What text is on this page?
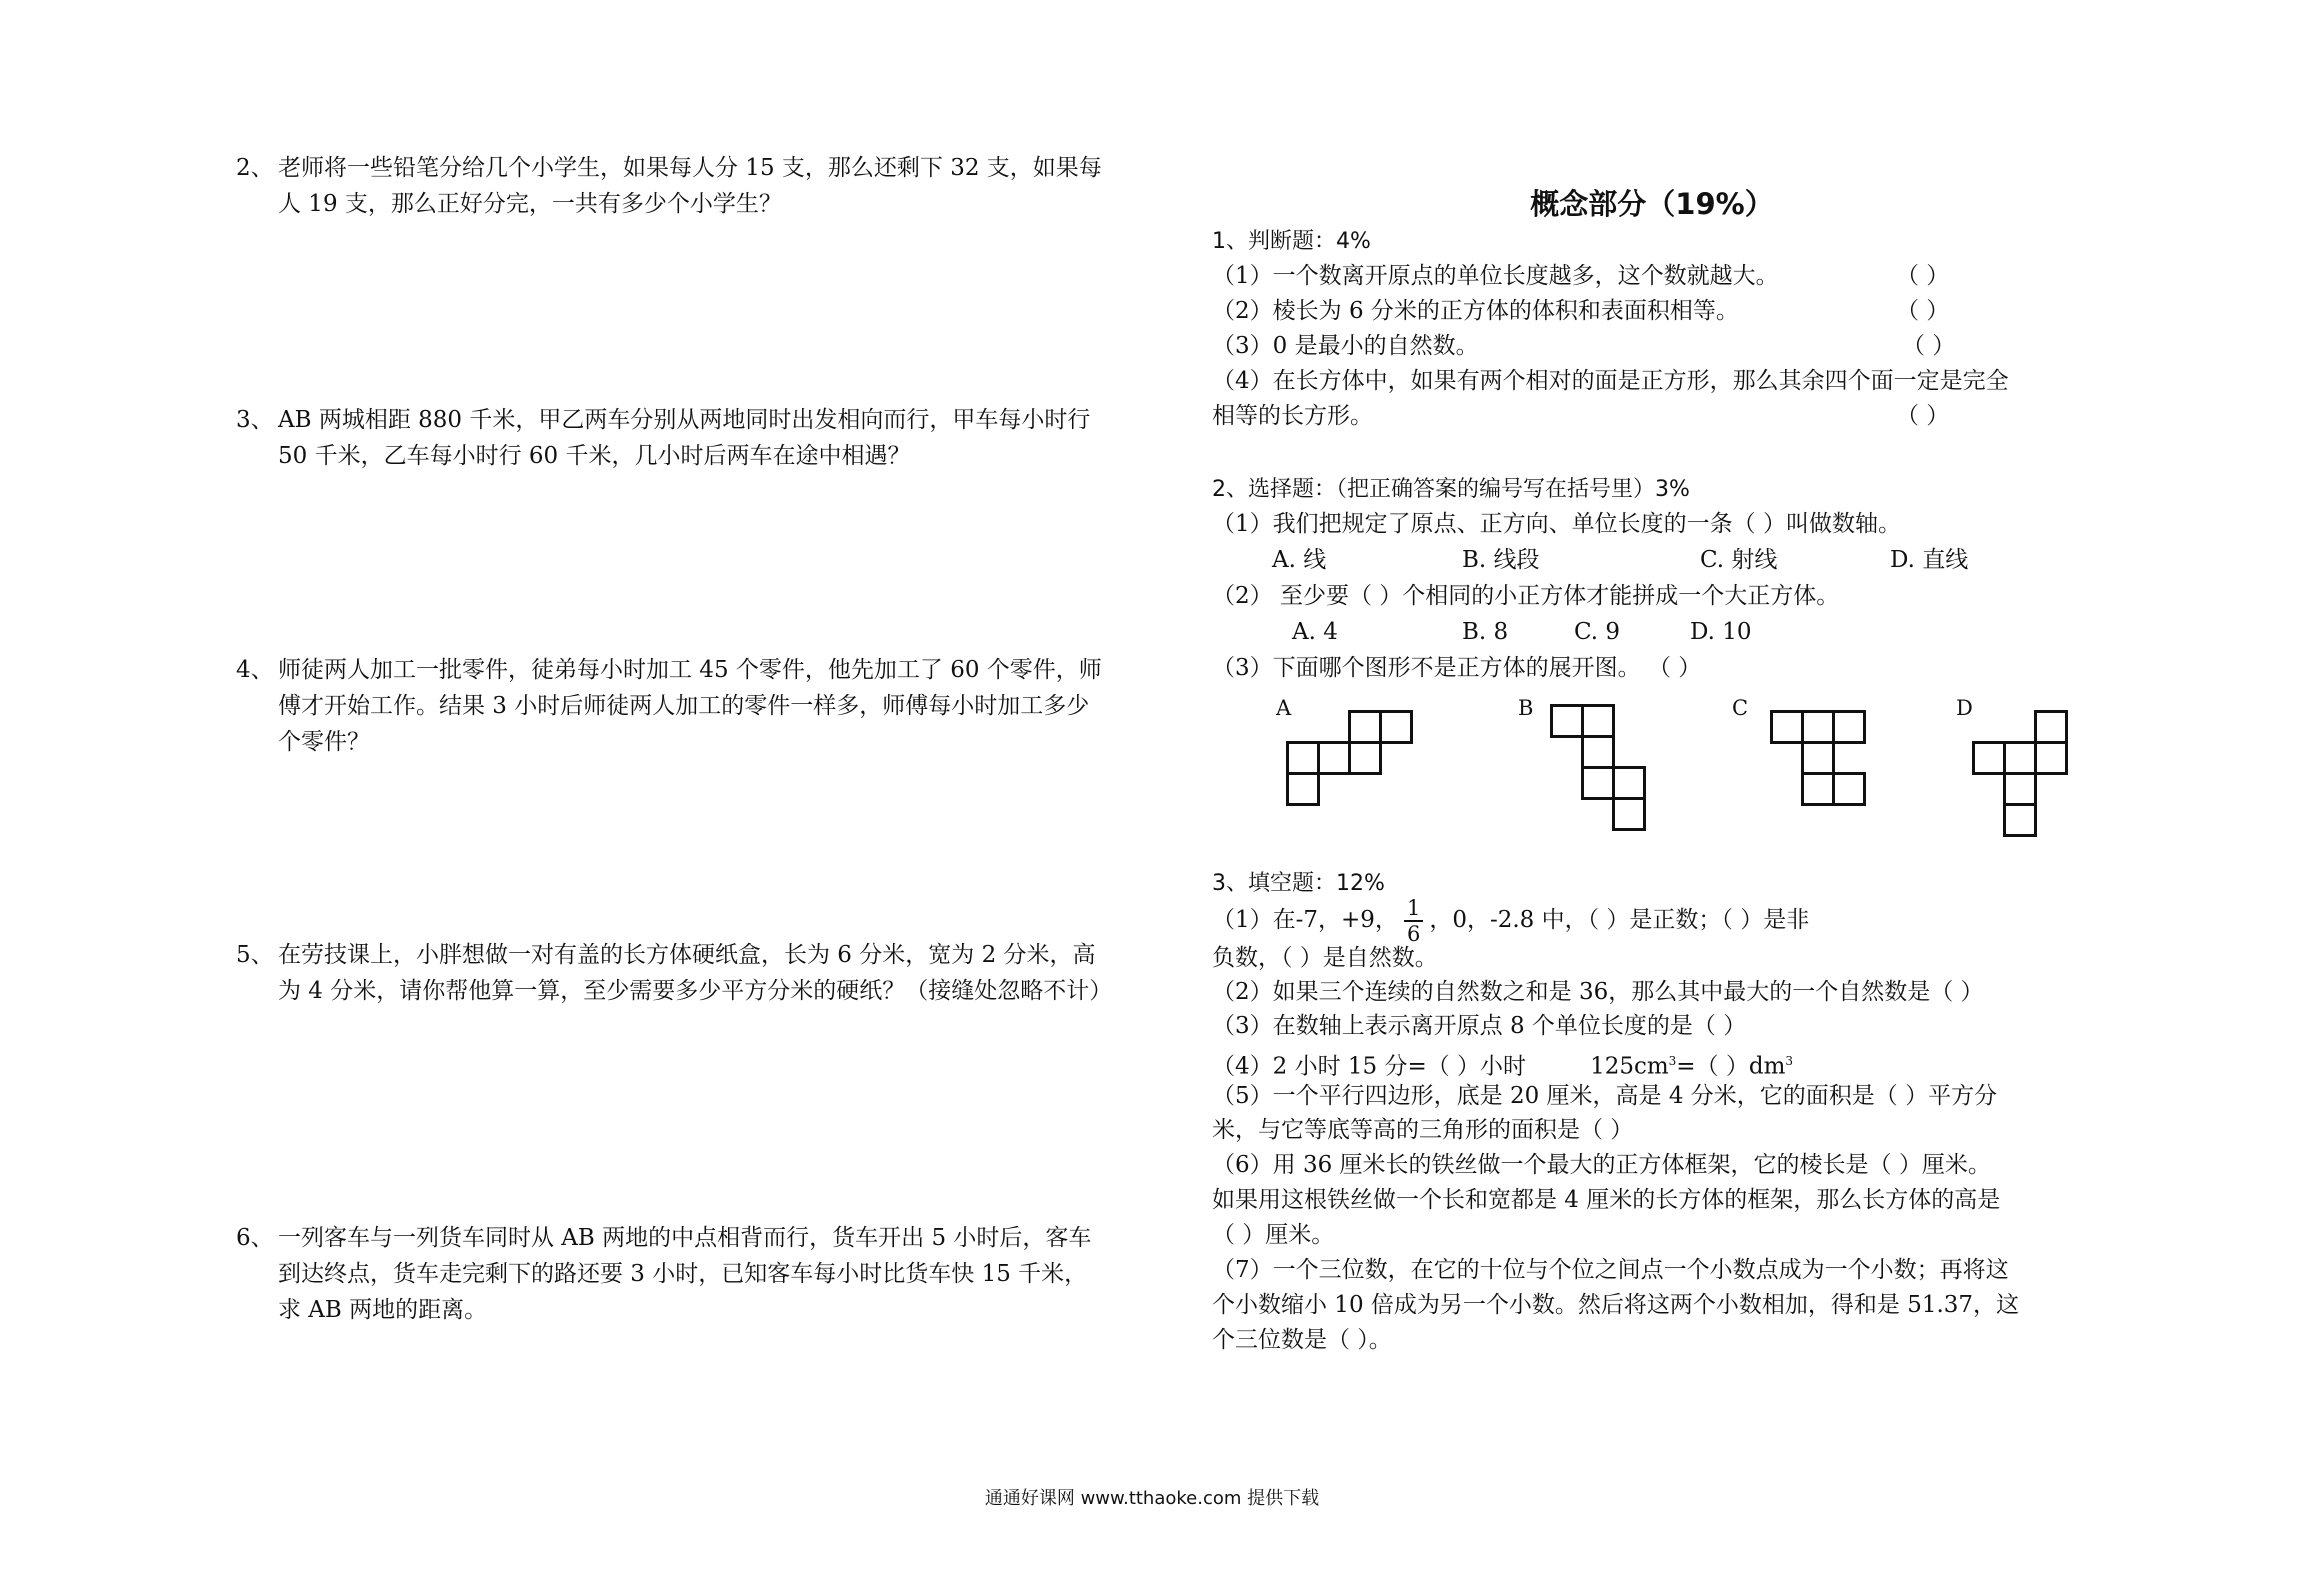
2、 老师将一些铅笔分给几个小学生，如果每人分 15 支，那么还剩下 32 支，如果每人 19 支，那么正好分完，一共有多少个小学生？
3、 AB 两城相距 880 千米，甲乙两车分别从两地同时出发相向而行，甲车每小时行 50 千米，乙车每小时行 60 千米，几小时后两车在途中相遇？
4、 师徒两人加工一批零件，徒弟每小时加工 45 个零件，他先加工了 60 个零件，师傅才开始工作。结果 3 小时后师徒两人加工的零件一样多，师傅每小时加工多少个零件？
5、 在劳技课上，小胖想做一对有盖的长方体硬纸盒，长为 6 分米，宽为 2 分米，高为 4 分米，请你帮他算一算，至少需要多少平方分米的硬纸？（接缝处忽略不计）
6、 一列客车与一列货车同时从 AB 两地的中点相背而行，货车开出 5 小时后，客车到达终点，货车走完剩下的路还要 3 小时，已知客车每小时比货车快 15 千米，求 AB 两地的距离。
概念部分（19%）
1、判断题：4%
（1）一个数离开原点的单位长度越多，这个数就越大。	（ ）
（2）棱长为 6 分米的正方体的体积和表面积相等。	（ ）
（3）0 是最小的自然数。	（ ）
（4）在长方体中，如果有两个相对的面是正方形，那么其余四个面一定是完全
相等的长方形。	（ ）
2、选择题：（把正确答案的编号写在括号里）3%
（1）我们把规定了原点、正方向、单位长度的一条（ ）叫做数轴。
A. 线	B. 线段	C. 射线	D. 直线
（2） 至少要（ ）个相同的小正方体才能拼成一个大正方体。
A. 4	B. 8	C. 9	D. 10
（3）下面哪个图形不是正方体的展开图。 （ ）
A	B	C	D
3、填空题：12%
（1）在-7，+9， $\frac{1}{6}$ ，0，-2.8 中，（ ）是正数；（ ）是非
负数，（ ）是自然数。
（2）如果三个连续的自然数之和是 36，那么其中最大的一个自然数是（ ）
（3）在数轴上表示离开原点 8 个单位长度的是（ ）
（4）2 小时 15 分=（ ）小时	$125cm^3=$（ ）$dm^3$
（5）一个平行四边形，底是 20 厘米，高是 4 分米，它的面积是（ ）平方分
米，与它等底等高的三角形的面积是（ ）
（6）用 36 厘米长的铁丝做一个最大的正方体框架，它的棱长是（ ）厘米。
如果用这根铁丝做一个长和宽都是 4 厘米的长方体的框架，那么长方体的高是
（ ）厘米。
（7）一个三位数，在它的十位与个位之间点一个小数点成为一个小数；再将这
个小数缩小 10 倍成为另一个小数。然后将这两个小数相加，得和是 51.37，这
个三位数是（ ）。
通通好课网 www.tthaoke.com 提供下载
